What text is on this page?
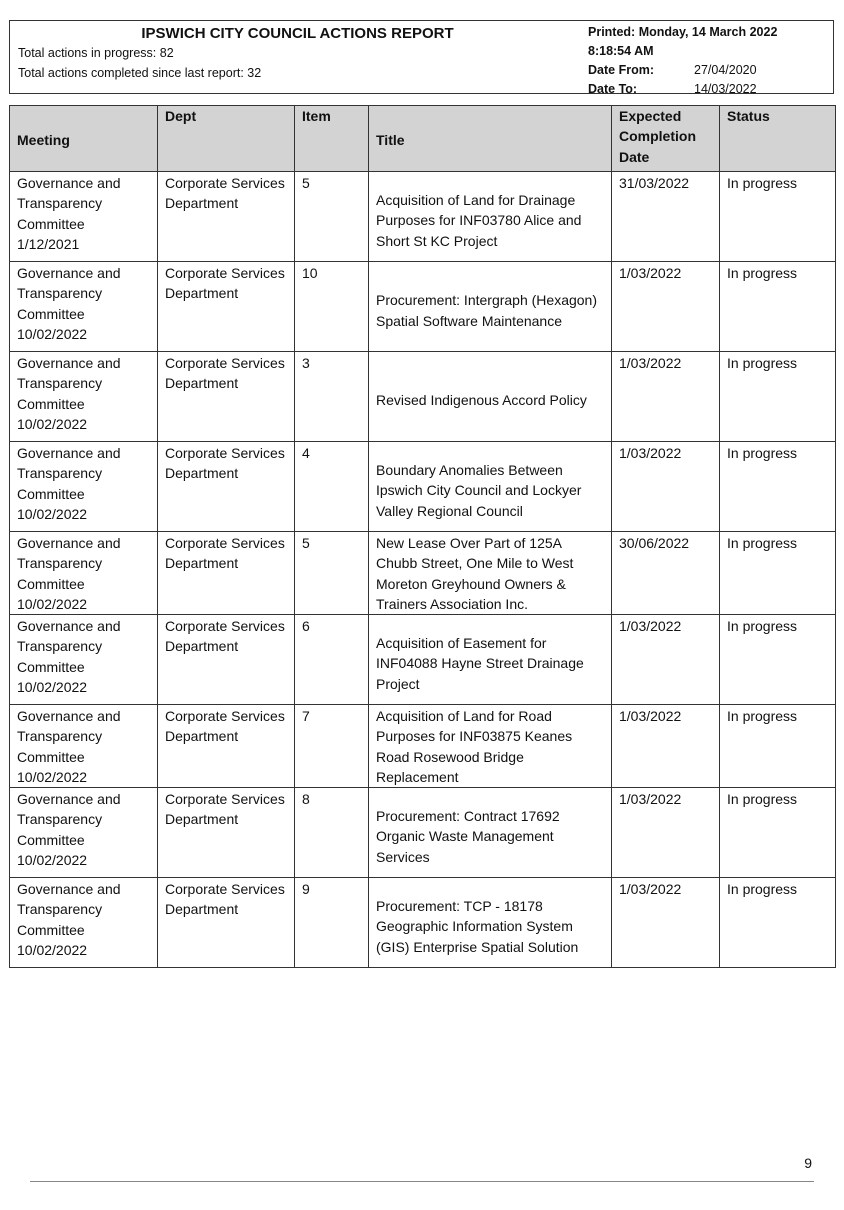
IPSWICH CITY COUNCIL ACTIONS REPORT
Total actions in progress: 82
Total actions completed since last report: 32
Printed: Monday, 14 March 2022
8:18:54 AM
Date From:	27/04/2020
Date To:	14/03/2022
Meeting	Dept	Item	Title	Expected Completion Date	Status
Governance and Transparency Committee 1/12/2021	Corporate Services Department	5	Acquisition of Land for Drainage Purposes for INF03780 Alice and Short St KC Project	31/03/2022	In progress
Governance and Transparency Committee 10/02/2022	Corporate Services Department	10	Procurement: Intergraph (Hexagon) Spatial Software Maintenance	1/03/2022	In progress
Governance and Transparency Committee 10/02/2022	Corporate Services Department	3	Revised Indigenous Accord Policy	1/03/2022	In progress
Governance and Transparency Committee 10/02/2022	Corporate Services Department	4	Boundary Anomalies Between Ipswich City Council and Lockyer Valley Regional Council	1/03/2022	In progress
Governance and Transparency Committee 10/02/2022	Corporate Services Department	5	New Lease Over Part of 125A Chubb Street, One Mile to West Moreton Greyhound Owners & Trainers Association Inc.	30/06/2022	In progress
Governance and Transparency Committee 10/02/2022	Corporate Services Department	6	Acquisition of Easement for INF04088 Hayne Street Drainage Project	1/03/2022	In progress
Governance and Transparency Committee 10/02/2022	Corporate Services Department	7	Acquisition of Land for Road Purposes for INF03875 Keanes Road Rosewood Bridge Replacement	1/03/2022	In progress
Governance and Transparency Committee 10/02/2022	Corporate Services Department	8	Procurement: Contract 17692 Organic Waste Management Services	1/03/2022	In progress
Governance and Transparency Committee 10/02/2022	Corporate Services Department	9	Procurement: TCP - 18178 Geographic Information System (GIS) Enterprise Spatial Solution	1/03/2022	In progress
9
